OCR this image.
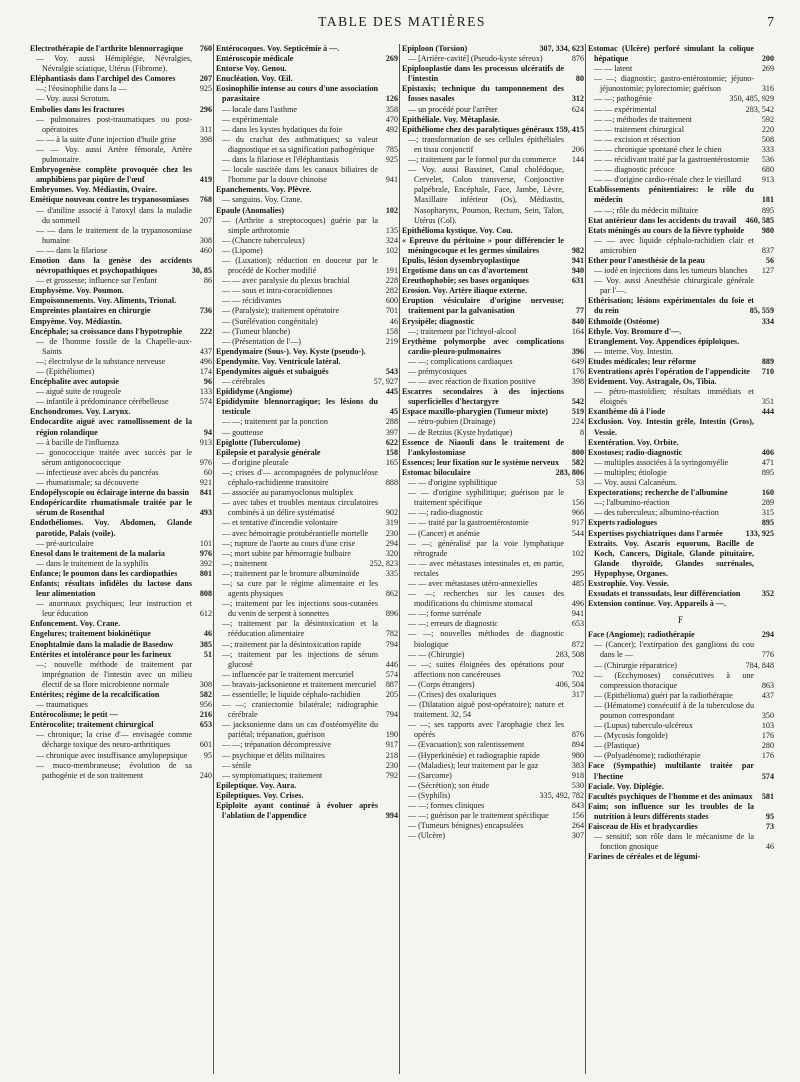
TABLE DES MATIÈRES	7
Electrothérapie de l'arthrite blennorragique	760
— Voy. aussi Hémiplégie, Névralgies, Névralgie sciatique, Utérus (Fibrome).
Eléphantiasis dans l'archipel des Comores	207
—; l'éosinophilie dans la —	925
— Voy. aussi Scrotum.
Embolies dans les fractures	296
— pulmonaires post-traumatiques ou post-opératoires	311
— — à la suite d'une injection d'huile grise	398
— — Voy. aussi Artère fémorale, Artère pulmonaire.
Embryogenèse complète provoquée chez les amphibiens par piqûre de l'œuf	419
Embryomes. Voy. Médiastin, Ovaire.
Emétique nouveau contre les trypanosomiases	768
— d'aniline associé à l'atoxyl dans la maladie du sommeil	207
— — dans le traitement de la trypanosomiase humaine	308
— — dans la filariose	460
Emotion dans la genèse des accidents névropathiques et psychopathiques	30, 85
— et grossesse; influence sur l'enfant	86
Emphysème. Voy. Poumon.
Empoisonnements. Voy. Aliments, Trional.
Empreintes plantaires en chirurgie	736
Empyème. Voy. Médiastin.
Encéphale; sa croissance dans l'hypotrophie	222
— de l'homme fossile de la Chapelle-aux-Saints	437
—; électrolyse de la substance nerveuse	496
— (Epithéliomes)	174
Encéphalite avec autopsie	96
— aiguë suite de rougeole	133
— infantile à prédominance cérébelleuse	574
Enchondromes. Voy. Larynx.
Endocardite aiguë avec ramollissement de la région rolandique	94
— à bacille de l'influenza	913
— gonococcique traitée avec succès par le sérum antigonococcique	976
— infectieuse avec abcès du pancréas	60
— rhumatismale; sa découverte	921
Endopélyscopie ou éclairage interne du bassin	841
Endopéricardite rhumatismale traitée par le sérum de Rosenthal	493
Endothéliomes. Voy. Abdomen, Glande parotide, Palais (voile).
— pré-auriculaire	101
Enesol dans le traitement de la malaria	976
— dans le traitement de la syphilis	392
Enfance; le poumon dans les cardiopathies	801
Enfants; résultats infidèles du lactose dans leur alimentation	808
— anormaux psychiques; leur instruction et leur éducation	612
Enfoncement. Voy. Crane.
Engelures; traitement biokinétique	46
Enophtalmie dans la maladie de Basedow	385
Entérites et intolérance pour les farineux	51
—; nouvelle méthode de traitement par imprégnation de l'intestin avec un milieu électif de sa flore microbienne normale	308
Entérites; régime de la recalcification	582
— traumatiques	956
Entérocolisme; le petit —	216
Entérocolite; traitement chirurgical	653
— chronique; la crise d'— envisagée comme décharge toxique des neuro-arthritiques	601
— chronique avec insuffisance amylopepsique	95
— muco-membraneuse; évolution de sa pathogénie et de son traitement	240
Entérocoques. Voy. Septicémie à —.
Entéroscopie médicale	269
Entorse Voy. Genou.
Enucléation. Voy. Œil.
Eosinophilie intense au cours d'une association parasitaire	126
— locale dans l'asthme	358
— expérimentale	470
— dans les kystes hydatiques du foie	492
— du crachat des asthmatiques; sa valeur diagnostique et sa signification pathogénique	785
— dans la filariose et l'éléphantiasis	925
— locale suscitée dans les canaux biliaires de l'homme par la douve chinoise	941
Epanchements. Voy. Plèvre.
— sanguins. Voy. Crane.
Epaule (Anomalies)	102
— (Arthrite a streptocoques) guérie par la simple arthrotomie	135
— (Chancre tuberculeux)	324
— (Lipome)	102
— (Luxation); réduction en douceur par le procédé de Kocher modifié	191
— — avec paralysie du plexus brachial	228
— — sous et intra-coracoïdiennes	282
— — récidivantes	600
— (Paralysie); traitement opératoire	701
— (Surélévation congénitale)	46
— (Tumeur blanche)	158
— (Présentation de l'—)	219
Ependymaire (Sous-). Voy. Kyste (pseudo-).
Ependymite. Voy. Ventricule latéral.
Ependymites aiguës et subaiguës	543
— cérébrales	57, 927
Epididyme (Angiome)	445
Epididymite blennorragique; les lésions du testicule	45
— —; traitement par la ponction	288
— goutteuse	397
Epiglotte (Tuberculome)	622
Epilepsie et paralysie générale	158
— d'origine pleurale	165
—; crises d'— accompagnées de polynucléose céphalo-rachidienne transitoire	888
— associée au paramyoclonus multiplex
— avec tabes et troubles mentaux circulatoires combinés à un délire systématisé	902
— et tentative d'incendie volontaire	319
— avec hémorragie protubérantielle mortelle	230
—; rupture de l'aorte au cours d'une crise	294
—; mort subite par hémorragie bulbaire	320
—; traitement	252, 823
—; traitement par le bromure albuminoïde	335
—; sa cure par le régime alimentaire et les agents physiques	862
—; traitement par les injections sous-cutanées du venin de serpent à sonnettes	896
—; traitement par la désintoxication et la rééducation alimentaire	782
—; traitement par la désintoxication rapide	794
—; traitement par les injections de sérum glucosé	446
— influencée par le traitement mercuriel	574
— bravais-jacksonienne et traitement mercuriel 887
— essentielle; le liquide céphalo-rachidien	205
— —; craniectomie bilatérale; radiographie cérébrale	794
— jacksonienne dans un cas d'ostéomyélite du pariétal; trépanation, guérison	190
— —; trépanation décompressive	917
— psychique et délits militaires	218
— sénile	230
— symptomatiques; traitement	792
Epileptique. Voy. Aura.
Epileptiques. Voy. Crises.
Epiploïte ayant continué à évoluer après l'ablation de l'appendice	994
Epiploon (Torsion)	307, 334, 623
— [Arrière-cavité] (Pseudo-kyste séreux)	876
Epiplooplastie dans les processus ulcératifs de l'intestin	80
Epistaxis; technique du tamponnement des fosses nasales	312
— un procédé pour l'arrêter	624
Epithéliale. Voy. Métaplasie.
Epithéliome chez des paralytiques généraux 159, 415
—; transformation de ses cellules épithéliales en tissu conjonctif	206
—; traitement par le formol pur du commerce	144
— Voy. aussi Bassinet, Canal cholédoque, Cervelet, Colon transverse, Conjonctive palpébrale, Encéphale, Face, Jambe, Lèvre, Maxillaire inférieur (Os), Médiastin, Nasopharynx, Poumon, Rectum, Sein, Talon, Utérus (Col).
Epithélioma kystique. Voy. Cou.
« Epreuve du péritoine » pour différencier le méningocoque et les germes similaires	982
Epulis, lésion dysembryoplastique	941
Ergotisme dans un cas d'avortement	940
Ereuthophobie; ses bases organiques	631
Erosion. Voy. Artère iliaque externe.
Eruption vésiculaire d'origine nerveuse; traitement par la galvanisation	77
Erysipèle; diagnostic	840
—; traitement par l'ichtyol-alcool	164
Erythème polymorphe avec complications cardio-pleuro-pulmonaires	396
— —; complications cardiaques	649
— prémycosiques	176
— — avec réaction de fixation positive	398
Escarres secondaires à des injections superficielles d'hectargyre	542
Espace maxillo-pharygien (Tumeur mixte)	519
— rétro-pubien (Drainage)	224
— de Retzius (Kyste hydatique)	8
Essence de Niaouli dans le traitement de l'ankylostomiase	800
Essences; leur fixation sur le système nerveux	582
Estomac biloculaire	283, 806
— — d'origine syphilitique	53
— — d'origine syphilitique; guérison par le traitement spécifique	156
— —; radio-diagnostic	966
— — traité par la gastroentérostomie	917
— (Cancer) et anémie	544
— —; généralisé par la voie lymphatique rétrograde	102
— — avec métastases intestinales et, en partie, rectales	295
— — avec métastases utéro-annexielles	485
— —; recherches sur les causes des modifications du chimisme stomacal	496
— —; forme surrénale	941
— —; erreurs de diagnostic	653
— —; nouvelles méthodes de diagnostic biologique	872
— — (Chirurgie)	283, 508
— —; suites éloignées des opérations pour affections non cancéreuses	702
— (Corps étrangers)	406, 504
— (Crises) des oxaluriques	317
— (Dilatation aiguë post-opératoire); nature et traitement. 32, 54
— —; ses rapports avec l'arophagie chez les opérés	876
— (Evacuation); son ralentissement	894
— (Hyperkinésie) et radiographie rapide	980
— (Maladies); leur traitement par le gaz	383
— (Sarcome)	918
— (Sécrétion); son étude	530
— (Syphilis)	335, 492, 782
— —; formes cliniques	843
— —; guérison par le traitement spécifique	156
— (Tumeurs bénignes) encapsulées	264
— (Ulcère)	307
Estomac (Ulcère) perforé simulant la colique hépatique	200
— — latent	269
— —; diagnostic; gastro-entérostomie; jéjuno-jéjunostomie; pylorectomie; guérison	316
— —; pathogénie	350, 485, 929
— — expérimental	283, 542
— —; méthodes de traitement	592
— — traitement chirurgical	220
— — excision et résection	508
— — chronique spontané chez le chien	333
— — récidivant traité par la gastroentérostomie	536
— — diagnostic précoce	680
— — d'origine cardio-rénale chez le vieillard	913
Etablissements pénitentiaires: le rôle du médecin	181
— —; rôle du médecin militaire	895
Etat antérieur dans les accidents du travail	460, 585
Etats méningés au cours de la fièvre typhoïde	980
— — avec liquide céphalo-rachidien clair et amicrobien	837
Ether pour l'anesthésie de la peau	56
— iodé en injections dans les tumeurs blanches	127
— Voy. aussi Anesthésie chirurgicale générale par l'—.
Ethérisation; lésions expérimentales du foie et du rein	85, 559
Ethmoïde (Ostéome)	334
Ethyle. Voy. Bromure d'—.
Etranglement. Voy. Appendices épiploïques.
— interne. Voy. Intestin.
Etudes médicales; leur réforme	889
Eventrations après l'opération de l'appendicite	710
Evidement. Voy. Astragale, Os, Tibia.
— pétro-mastoïdien; résultats immédiats et éloignés	351
Exanthème dû à l'iode	444
Exclusion. Voy. Intestin grêle, Intestin (Gros), Vessie.
Exentération. Voy. Orbite.
Exostoses; radio-diagnostic	406
— multiples associées à la syringomyélie	471
— multiples; étiologie	895
— Voy. aussi Calcanéum.
Expectorations; recherche de l'albumine	160
—; l'albumino-réaction	289
— des tuberculeux; albumino-réaction	315
Experts radiologues	895
Expertises psychiatriques dans l'armée	133, 925
Extraits. Voy. Ascaris equorum, Bacille de Koch, Cancers, Digitale, Glande pituitaire, Glande thyroïde, Glandes surrénales, Hypophyse, Organes.
Exstrophie. Voy. Vessie.
Exsudats et transsudats, leur différenciation	352
Extension continue. Voy. Appareils à —.
F
Face (Angiome); radiothérapie	294
— (Cancer); l'extirpation des ganglions du cou dans le —	776
— (Chirurgie réparatrice)	784, 848
— (Ecchymoses) consécutives à une compression thoracique	863
— (Epithélioma) guéri par la radiothérapie	437
— (Hématome) consécutif à de la tuberculose du poumon correspondant	350
— (Lupus) tuberculo-ulcéreux	103
— (Mycosis fongoïde)	176
— (Plastique)	280
— (Polyadénome); radiothérapie	176
Face (Sympathie) multilante traitée par l'hectine	574
Faciale. Voy. Diplégie.
Facultés psychiques de l'homme et des animaux 581
Faim; son influence sur les troubles de la nutrition à leurs différents stades	95
Faisceau de His et bradycardies	73
— sensitif; son rôle dans le mécanisme de la fonction gnosique	46
Farines de céréales et de légumi-
